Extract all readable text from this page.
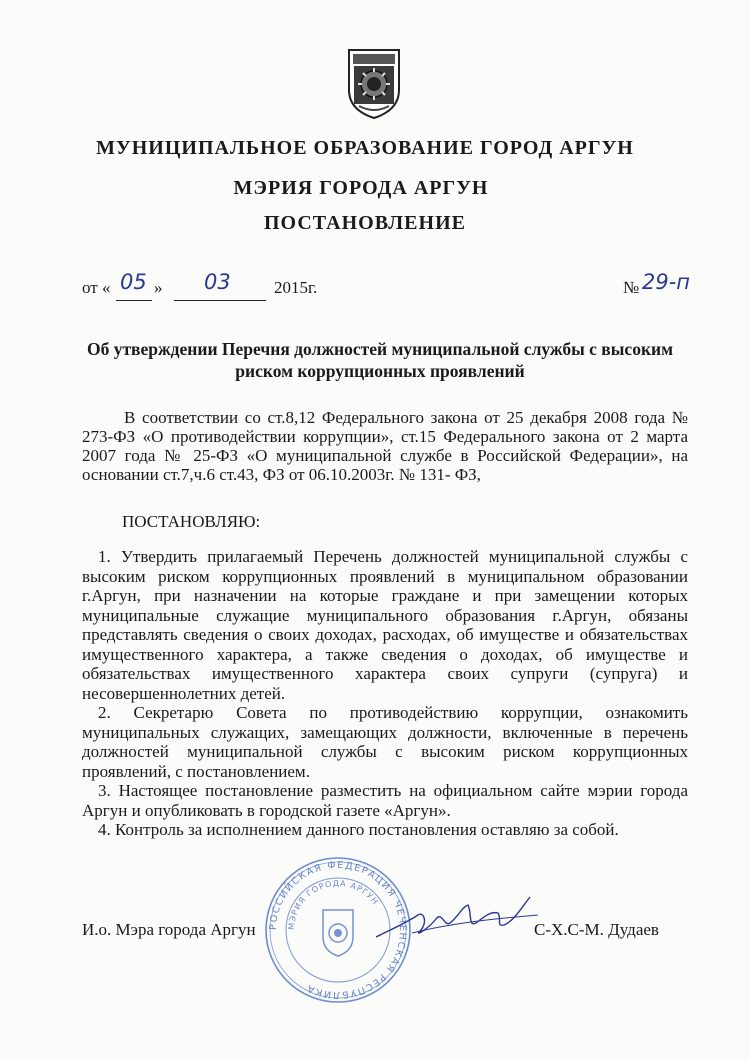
МУНИЦИПАЛЬНОЕ ОБРАЗОВАНИЕ ГОРОД АРГУН
МЭРИЯ ГОРОДА АРГУН
ПОСТАНОВЛЕНИЕ
от « 05 » 03	2015г.	№ 29-п
Об утверждении Перечня должностей муниципальной службы с высоким
риском коррупционных проявлений
В соответствии со ст.8,12 Федерального закона от 25 декабря 2008 года № 273-ФЗ «О противодействии коррупции», ст.15 Федерального закона от 2 марта 2007 года № 25-ФЗ «О муниципальной службе в Российской Федерации», на основании ст.7,ч.6 ст.43, ФЗ от 06.10.2003г. № 131- ФЗ,
ПОСТАНОВЛЯЮ:

1. Утвердить прилагаемый Перечень должностей муниципальной службы с высоким риском коррупционных проявлений в муниципальном образовании г.Аргун, при назначении на которые граждане и при замещении которых муниципальные служащие муниципального образования г.Аргун, обязаны представлять сведения о своих доходах, расходах, об имуществе и обязательствах имущественного характера, а также сведения о доходах, об имуществе и обязательствах имущественного характера своих супруги (супруга) и несовершеннолетних детей.

2. Секретарю Совета по противодействию коррупции, ознакомить муниципальных служащих, замещающих должности, включенные в перечень должностей муниципальной службы с высоким риском коррупционных проявлений, с постановлением.

3. Настоящее постановление разместить на официальном сайте мэрии города Аргун и опубликовать в городской газете «Аргун».

4. Контроль за исполнением данного постановления оставляю за собой.

РОССИЙСКАЯ ФЕДЕРАЦИЯ ЧЕЧЕНСКАЯ РЕСПУБЛИКА
МЭРИЯ ГОРОДА АРГУН
И.о. Мэра города Аргун	С-Х.С-М. Дудаев
